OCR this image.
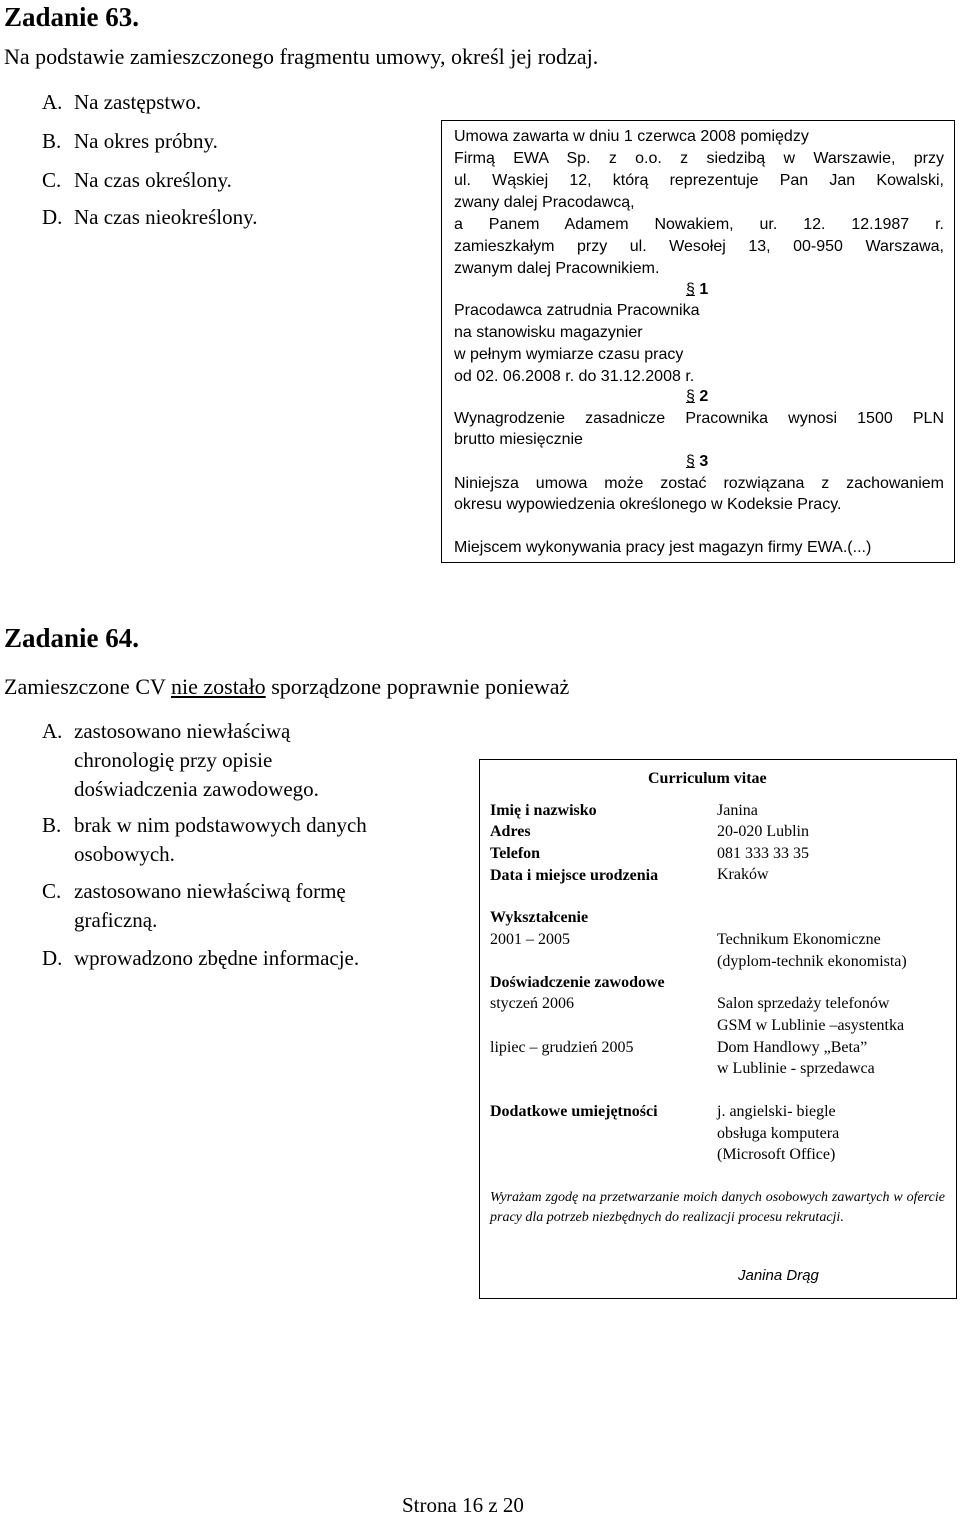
Zadanie 63.
Na podstawie zamieszczonego fragmentu umowy, określ jej rodzaj.
A. Na zastępstwo.
B. Na okres próbny.
C. Na czas określony.
D. Na czas nieokreślony.
Umowa zawarta w dniu 1 czerwca 2008 pomiędzy
Firmą EWA Sp. z o.o. z siedzibą w Warszawie, przy
ul. Wąskiej 12, którą reprezentuje Pan Jan Kowalski,
zwany dalej Pracodawcą,
a Panem Adamem Nowakiem, ur. 12. 12.1987 r.
zamieszkałym przy ul. Wesołej 13, 00-950 Warszawa,
zwanym dalej Pracownikiem.
§ 1
Pracodawca zatrudnia Pracownika
na stanowisku magazynier
w pełnym wymiarze czasu pracy
od 02. 06.2008 r. do 31.12.2008 r.
§ 2
Wynagrodzenie zasadnicze Pracownika wynosi 1500 PLN
brutto miesięcznie
§ 3
Niniejsza umowa może zostać rozwiązana z zachowaniem
okresu wypowiedzenia określonego w Kodeksie Pracy.
Miejscem wykonywania pracy jest magazyn firmy EWA.(...)
Zadanie 64.
Zamieszczone CV nie zostało sporządzone poprawnie ponieważ
A. zastosowano niewłaściwą
chronologię przy opisie
doświadczenia zawodowego.
B. brak w nim podstawowych danych
osobowych.
C. zastosowano niewłaściwą formę
graficzną.
D. wprowadzono zbędne informacje.
Curriculum vitae
Imię i nazwisko	Janina
Adres	20-020 Lublin
Telefon	081 333 33 35
Data i miejsce urodzenia	Kraków
Wykształcenie
2001 – 2005	Technikum Ekonomiczne
(dyplom-technik ekonomista)
Doświadczenie zawodowe
styczeń 2006	Salon sprzedaży telefonów
GSM w Lublinie –asystentka
lipiec – grudzień 2005	Dom Handlowy „Beta”
w Lublinie - sprzedawca
Dodatkowe umiejętności	j. angielski- biegle
obsługa komputera
(Microsoft Office)
Wyrażam zgodę na przetwarzanie moich danych osobowych zawartych w ofercie pracy dla potrzeb niezbędnych do realizacji procesu rekrutacji.
Janina Drąg
Strona 16 z 20
